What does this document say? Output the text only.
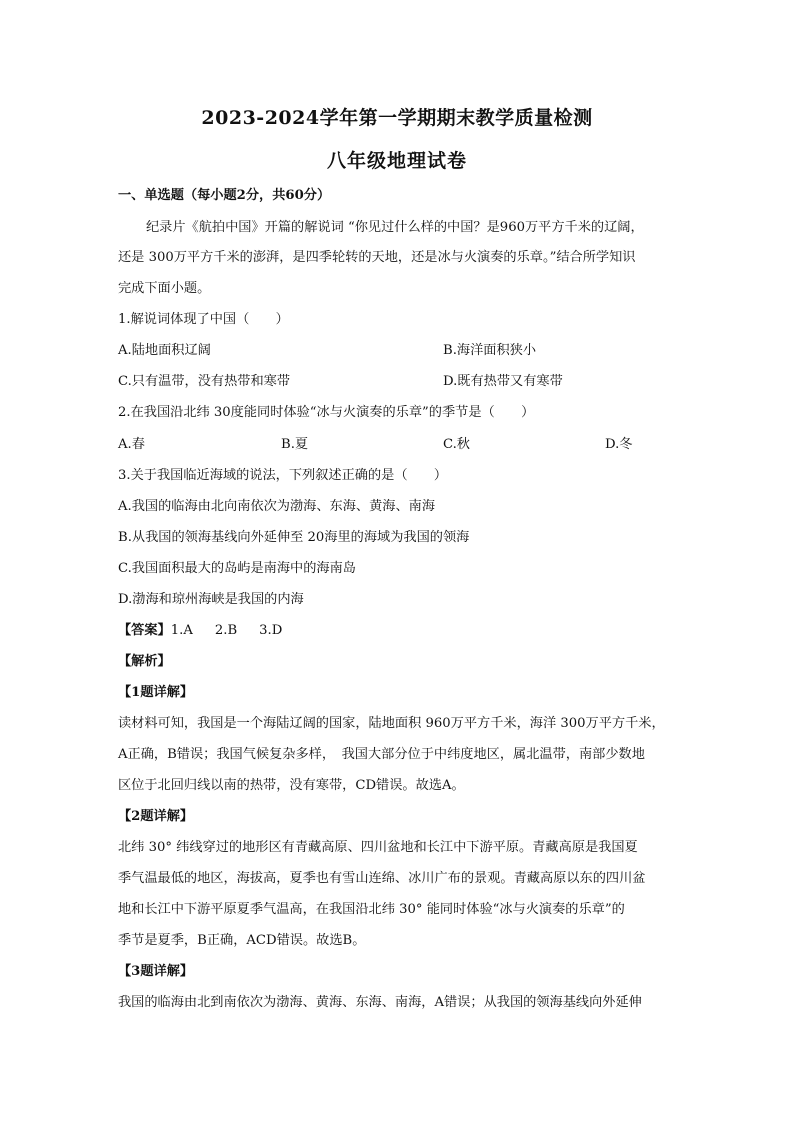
2023-2024学年第一学期期末教学质量检测
八年级地理试卷
一、单选题（每小题2分，共60分）
纪录片《航拍中国》开篇的解说词 “你见过什么样的中国？是960万平方千米的辽阔，
还是 300万平方千米的澎湃，是四季轮转的天地，还是冰与火演奏的乐章。”结合所学知识
完成下面小题。
1.解说词体现了中国（　　）
A.陆地面积辽阔	B.海洋面积狭小
C.只有温带，没有热带和寒带	D.既有热带又有寒带
2.在我国沿北纬 30度能同时体验“冰与火演奏的乐章”的季节是（　　）
A.春	B.夏	C.秋	D.冬
3.关于我国临近海域的说法，下列叙述正确的是（　　）
A.我国的临海由北向南依次为渤海、东海、黄海、南海
B.从我国的领海基线向外延伸至 20海里的海域为我国的领海
C.我国面积最大的岛屿是南海中的海南岛
D.渤海和琼州海峡是我国的内海
【答案】1.A 2.B 3.D
【解析】
【1题详解】
读材料可知，我国是一个海陆辽阔的国家，陆地面积 960万平方千米，海洋 300万平方千米，
A正确，B错误；我国气候复杂多样，　我国大部分位于中纬度地区，属北温带，南部少数地
区位于北回归线以南的热带，没有寒带，CD错误。故选A。
【2题详解】
北纬 30° 纬线穿过的地形区有青藏高原、四川盆地和长江中下游平原。青藏高原是我国夏
季气温最低的地区，海拔高，夏季也有雪山连绵、冰川广布的景观。青藏高原以东的四川盆
地和长江中下游平原夏季气温高，在我国沿北纬 30° 能同时体验“冰与火演奏的乐章”的
季节是夏季，B正确，ACD错误。故选B。
【3题详解】
我国的临海由北到南依次为渤海、黄海、东海、南海，A错误；从我国的领海基线向外延伸
